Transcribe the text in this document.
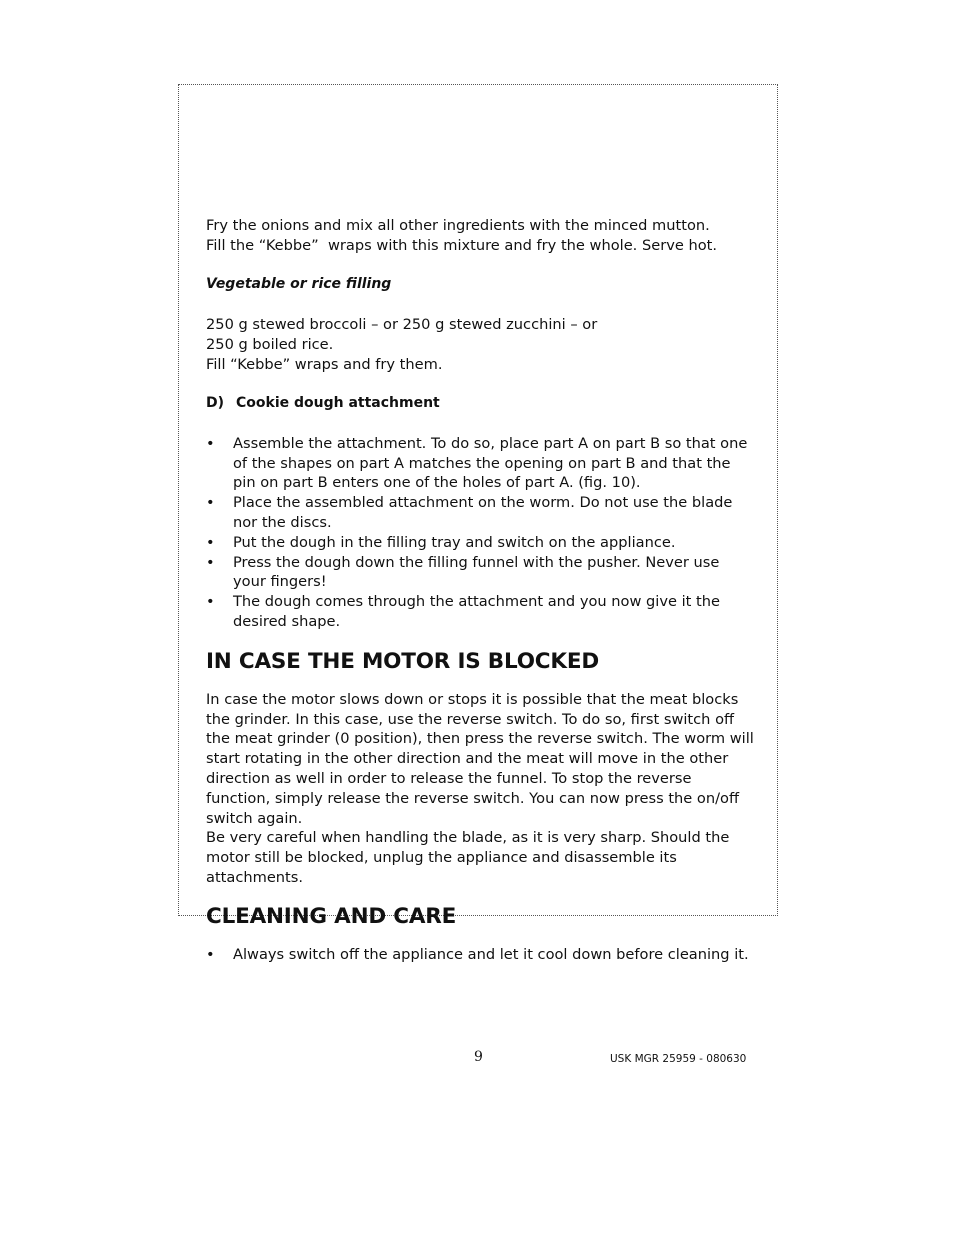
Fry the onions and mix all other ingredients with the minced mutton.

Fill the “Kebbe”  wraps with this mixture and fry the whole. Serve hot.

Vegetable or rice filling

250 g stewed broccoli – or 250 g stewed zucchini – or

250 g boiled rice.

Fill “Kebbe” wraps and fry them.

D) Cookie dough attachment
• Assemble the attachment. To do so, place part A on part B so that one of the shapes on part A matches the opening on part B and that the pin on part B enters one of the holes of part A. (fig. 10).
• Place the assembled attachment on the worm. Do not use the blade nor the discs.
• Put the dough in the filling tray and switch on the appliance.
• Press the dough down the filling funnel with the pusher. Never use your fingers!
• The dough comes through the attachment and you now give it the desired shape.

IN CASE THE MOTOR IS BLOCKED

In case the motor slows down or stops it is possible that the meat blocks the grinder. In this case, use the reverse switch. To do so, first switch off the meat grinder (0 position), then press the reverse switch. The worm will start rotating in the other direction and the meat will move in the other direction as well in order to release the funnel. To stop the reverse function, simply release the reverse switch. You can now press the on/off switch again.

Be very careful when handling the blade, as it is very sharp. Should the motor still be blocked, unplug the appliance and disassemble its attachments.

CLEANING AND CARE

• Always switch off the appliance and let it cool down before cleaning it.
9	USK MGR 25959 - 080630
